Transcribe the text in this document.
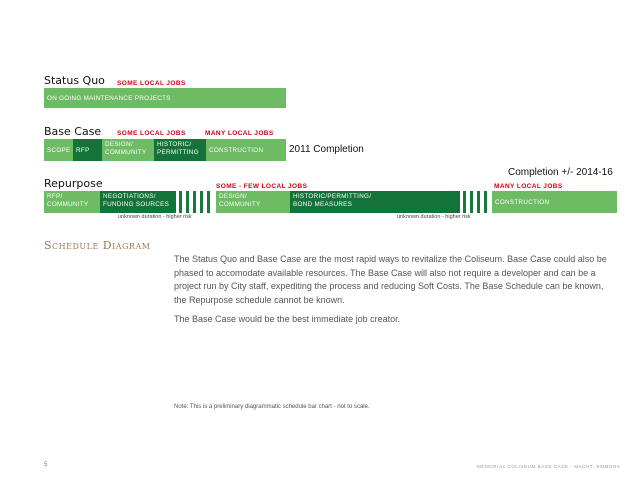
Status Quo SOME LOCAL JOBS
ON GOING MAINTENANCE PROJECTS
Base Case SOME LOCAL JOBS	MANY LOCAL JOBS
SCOPE RFP
DESIGN/
COMMUNITY
HISTORIC/
PERMITTING	CONSTRUCTION	2011 Completion
Completion +/- 2014-16
Repurpose	SOME - FEW LOCAL JOBS	MANY LOCAL JOBS
RFP/
COMMUNITY
NEGOTIATIONS/
FUNDING SOURCES
DESIGN/
COMMUNITY
HISTORIC/PERMITTING/
BOND MEASURES	CONSTRUCTION
unknown duration - higher risk	unknown duration - higher risk
Schedule Diagram
The Status Quo and Base Case are the most rapid ways to revitalize the Coliseum. Base Case could also be phased to accomodate available resources. The Base Case will also not require a developer and can be a project run by City staff, expediting the process and reducing Soft Costs. The Base Schedule can be known, the Repurpose schedule cannot be known.
The Base Case would be the best immediate job creator.
Note: This is a preliminary diagrammatic schedule bar chart - not to scale.
5	MEMORIAL COLISEUM BASE CASE - MACHT, EMMONS
